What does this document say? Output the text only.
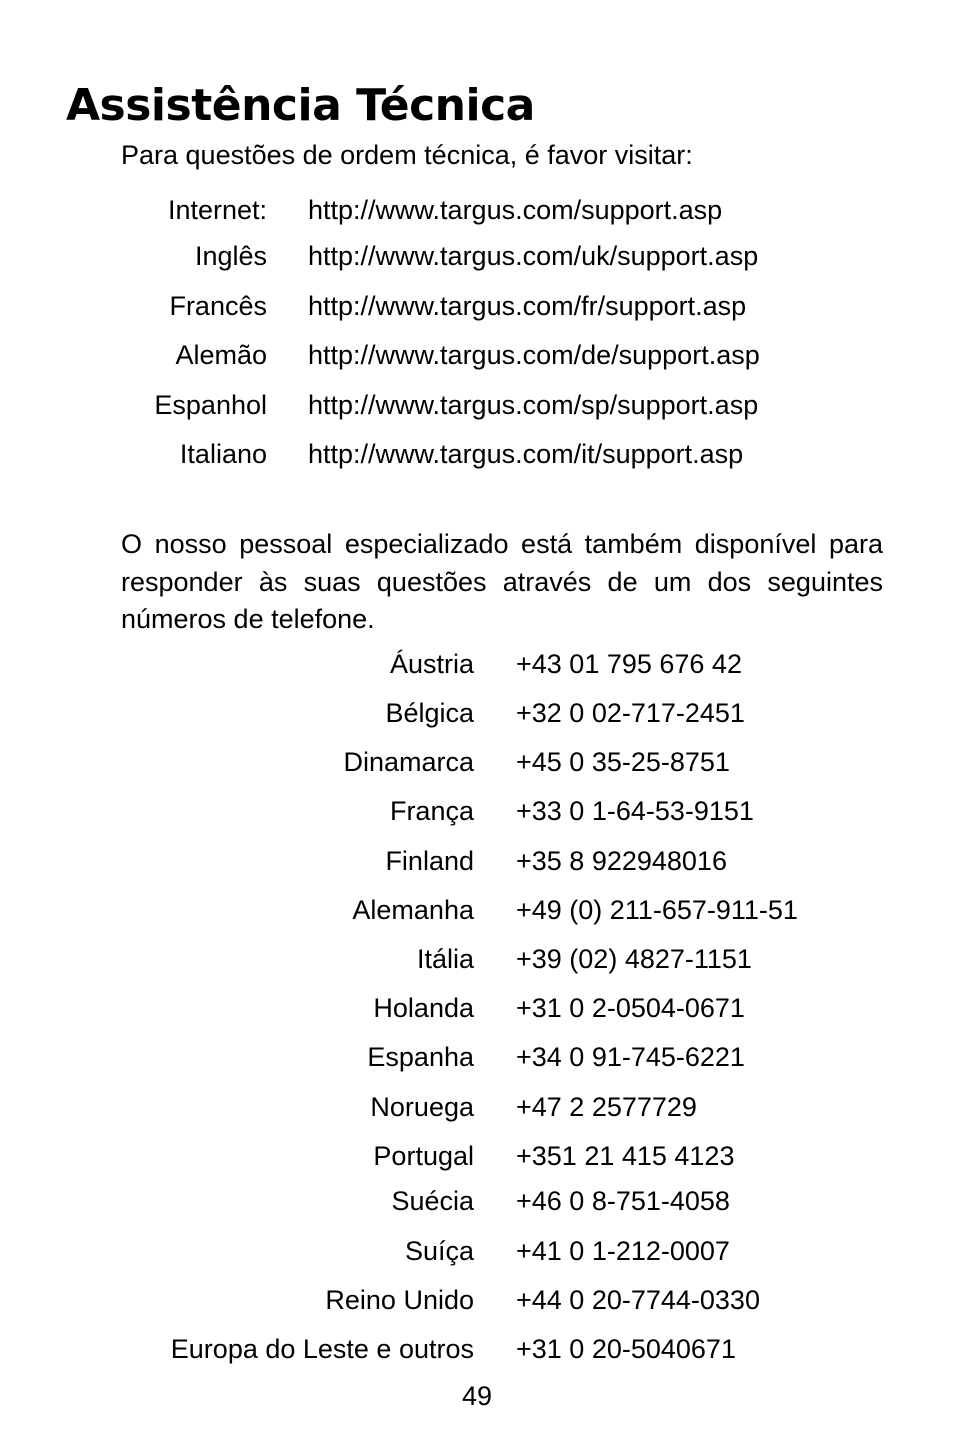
Assistência Técnica

Para questões de ordem técnica, é favor visitar:

Internet: http://www.targus.com/support.asp
Inglês http://www.targus.com/uk/support.asp
Francês http://www.targus.com/fr/support.asp
Alemão http://www.targus.com/de/support.asp
Espanhol http://www.targus.com/sp/support.asp
Italiano http://www.targus.com/it/support.asp

O nosso pessoal especializado está também disponível para responder às suas questões através de um dos seguintes números de telefone.

Áustria +43 01 795 676 42
Bélgica +32 0 02-717-2451
Dinamarca +45 0 35-25-8751
França +33 0 1-64-53-9151
Finland +35 8 922948016
Alemanha +49 (0) 211-657-911-51
Itália +39 (02) 4827-1151
Holanda +31 0 2-0504-0671
Espanha +34 0 91-745-6221
Noruega +47 2 2577729
Portugal +351 21 415 4123
Suécia +46 0 8-751-4058
Suíça +41 0 1-212-0007
Reino Unido +44 0 20-7744-0330
Europa do Leste e outros +31 0 20-5040671
49
